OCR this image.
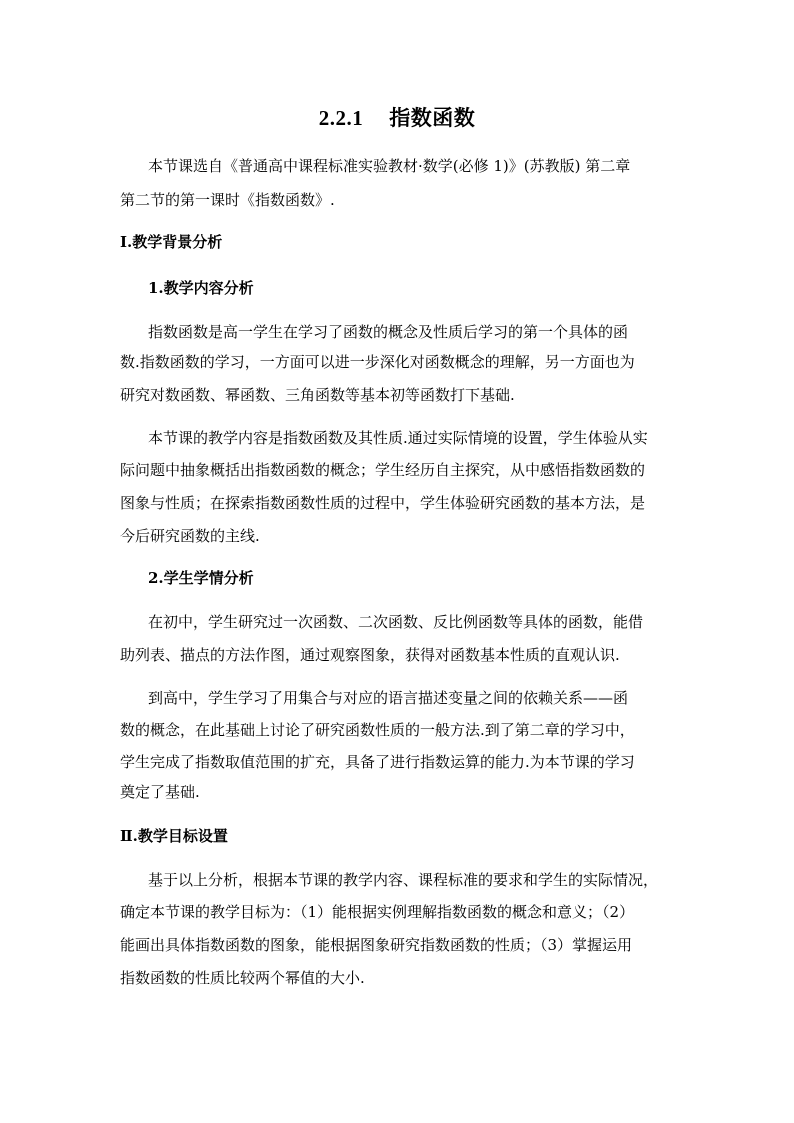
2.2.1 指数函数
本节课选自《普通高中课程标准实验教材·数学(必修 1)》(苏教版) 第二章
第二节的第一课时《指数函数》.
Ⅰ.教学背景分析
1.教学内容分析
指数函数是高一学生在学习了函数的概念及性质后学习的第一个具体的函
数.指数函数的学习，一方面可以进一步深化对函数概念的理解，另一方面也为
研究对数函数、幂函数、三角函数等基本初等函数打下基础.
本节课的教学内容是指数函数及其性质.通过实际情境的设置，学生体验从实
际问题中抽象概括出指数函数的概念；学生经历自主探究，从中感悟指数函数的
图象与性质；在探索指数函数性质的过程中，学生体验研究函数的基本方法，是
今后研究函数的主线.
2.学生学情分析
在初中，学生研究过一次函数、二次函数、反比例函数等具体的函数，能借
助列表、描点的方法作图，通过观察图象，获得对函数基本性质的直观认识.
到高中，学生学习了用集合与对应的语言描述变量之间的依赖关系——函
数的概念，在此基础上讨论了研究函数性质的一般方法.到了第二章的学习中，
学生完成了指数取值范围的扩充，具备了进行指数运算的能力.为本节课的学习
奠定了基础.
Ⅱ.教学目标设置
基于以上分析，根据本节课的教学内容、课程标准的要求和学生的实际情况，
确定本节课的教学目标为：（1）能根据实例理解指数函数的概念和意义；（2）
能画出具体指数函数的图象，能根据图象研究指数函数的性质；（3）掌握运用
指数函数的性质比较两个幂值的大小.
